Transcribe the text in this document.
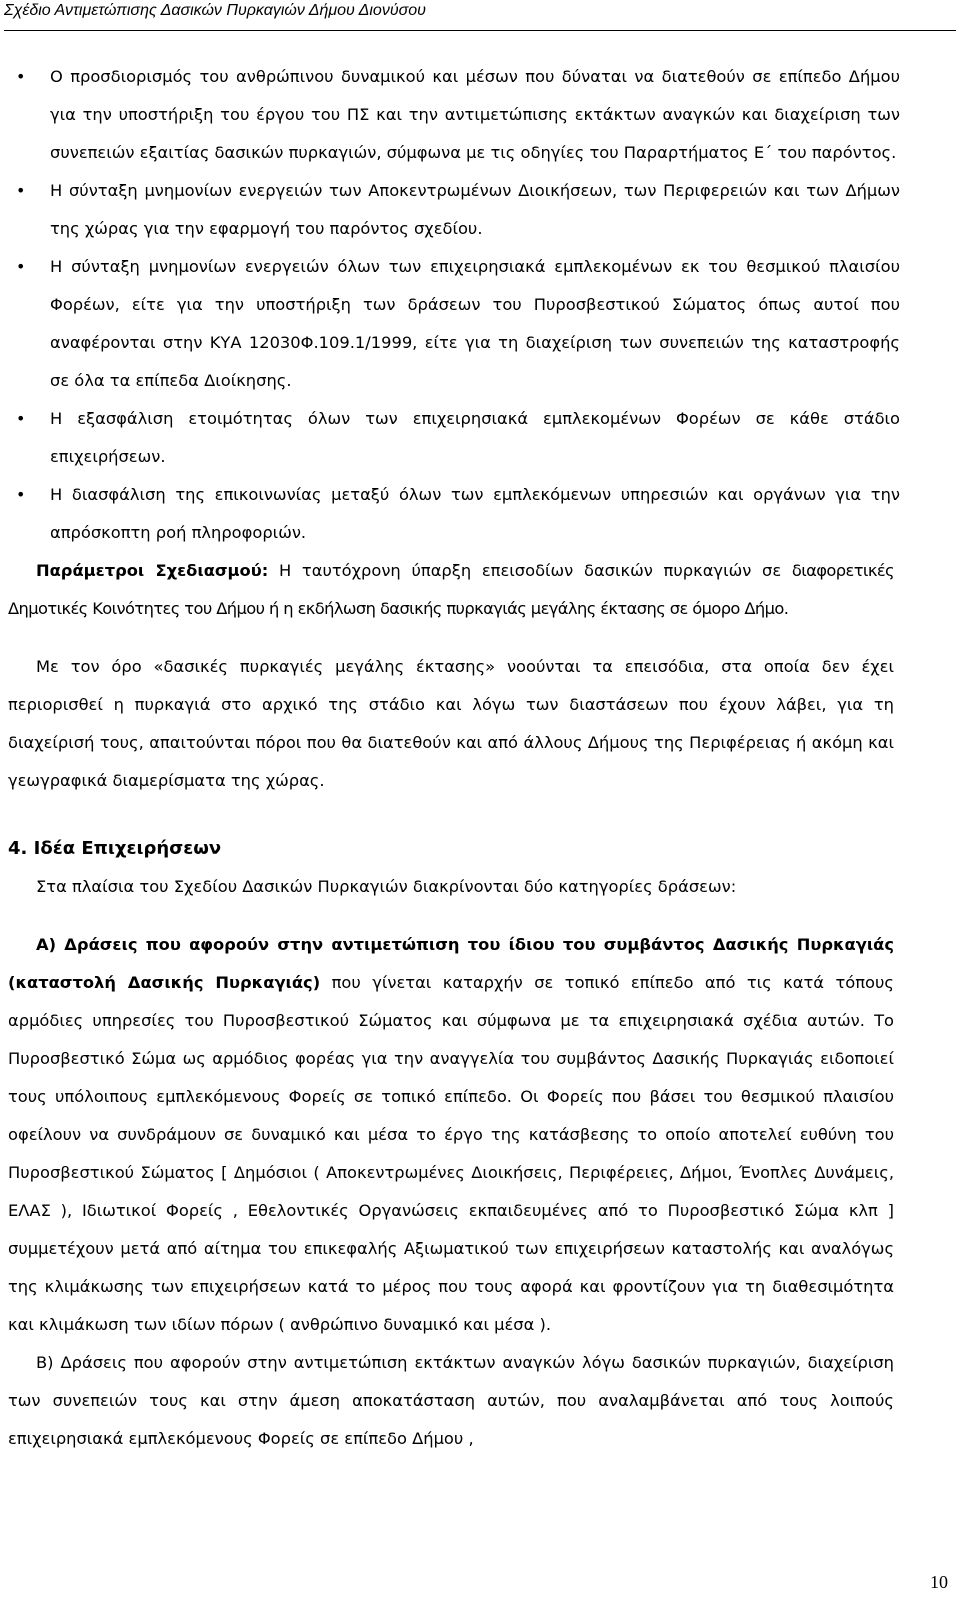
Σχέδιο Αντιμετώπισης Δασικών Πυρκαγιών Δήμου Διονύσου

• Ο προσδιορισμός του ανθρώπινου δυναμικού και μέσων που δύναται να διατεθούν σε επίπεδο Δήμου για την υποστήριξη του έργου του ΠΣ και την αντιμετώπισης εκτάκτων αναγκών και διαχείριση των συνεπειών εξαιτίας δασικών πυρκαγιών, σύμφωνα με τις οδηγίες του Παραρτήματος Ε΄ του παρόντος.

• Η σύνταξη μνημονίων ενεργειών των Αποκεντρωμένων Διοικήσεων, των Περιφερειών και των Δήμων της χώρας για την εφαρμογή του παρόντος σχεδίου.

• Η σύνταξη μνημονίων ενεργειών όλων των επιχειρησιακά εμπλεκομένων εκ του θεσμικού πλαισίου Φορέων, είτε για την υποστήριξη των δράσεων του Πυροσβεστικού Σώματος όπως αυτοί που αναφέρονται στην ΚΥΑ 12030Φ.109.1/1999, είτε για τη διαχείριση των συνεπειών της καταστροφής σε όλα τα επίπεδα Διοίκησης.

• Η εξασφάλιση ετοιμότητας όλων των επιχειρησιακά εμπλεκομένων Φορέων σε κάθε στάδιο επιχειρήσεων.

• Η διασφάλιση της επικοινωνίας μεταξύ όλων των εμπλεκόμενων υπηρεσιών και οργάνων για την απρόσκοπτη ροή πληροφοριών.

Παράμετροι Σχεδιασμού: Η ταυτόχρονη ύπαρξη επεισοδίων δασικών πυρκαγιών σε διαφορετικές Δημοτικές Κοινότητες του Δήμου ή η εκδήλωση δασικής πυρκαγιάς μεγάλης έκτασης σε όμορο Δήμο.

Με τον όρο «δασικές πυρκαγιές μεγάλης έκτασης» νοούνται τα επεισόδια, στα οποία δεν έχει περιορισθεί η πυρκαγιά στο αρχικό της στάδιο και λόγω των διαστάσεων που έχουν λάβει, για τη διαχείρισή τους, απαιτούνται πόροι που θα διατεθούν και από άλλους Δήμους της Περιφέρειας ή ακόμη και γεωγραφικά διαμερίσματα της χώρας.

4. Ιδέα Επιχειρήσεων

Στα πλαίσια του Σχεδίου Δασικών Πυρκαγιών διακρίνονται δύο κατηγορίες δράσεων:

Α) Δράσεις που αφορούν στην αντιμετώπιση του ίδιου του συμβάντος Δασικής Πυρκαγιάς (καταστολή Δασικής Πυρκαγιάς) που γίνεται καταρχήν σε τοπικό επίπεδο από τις κατά τόπους αρμόδιες υπηρεσίες του Πυροσβεστικού Σώματος και σύμφωνα με τα επιχειρησιακά σχέδια αυτών. Το Πυροσβεστικό Σώμα ως αρμόδιος φορέας για την αναγγελία του συμβάντος Δασικής Πυρκαγιάς ειδοποιεί τους υπόλοιπους εμπλεκόμενους Φορείς σε τοπικό επίπεδο. Οι Φορείς που βάσει του θεσμικού πλαισίου οφείλουν να συνδράμουν σε δυναμικό και μέσα το έργο της κατάσβεσης το οποίο αποτελεί ευθύνη του Πυροσβεστικού Σώματος [ Δημόσιοι ( Αποκεντρωμένες Διοικήσεις, Περιφέρειες, Δήμοι, Ένοπλες Δυνάμεις, ΕΛΑΣ ), Ιδιωτικοί Φορείς , Εθελοντικές Οργανώσεις εκπαιδευμένες από το Πυροσβεστικό Σώμα κλπ ] συμμετέχουν μετά από αίτημα του επικεφαλής Αξιωματικού των επιχειρήσεων καταστολής και αναλόγως της κλιμάκωσης των επιχειρήσεων κατά το μέρος που τους αφορά και φροντίζουν για τη διαθεσιμότητα και κλιμάκωση των ιδίων πόρων ( ανθρώπινο δυναμικό και μέσα ).

Β) Δράσεις που αφορούν στην αντιμετώπιση εκτάκτων αναγκών λόγω δασικών πυρκαγιών, διαχείριση των συνεπειών τους και στην άμεση αποκατάσταση αυτών, που αναλαμβάνεται από τους λοιπούς επιχειρησιακά εμπλεκόμενους Φορείς σε επίπεδο Δήμου ,

10
